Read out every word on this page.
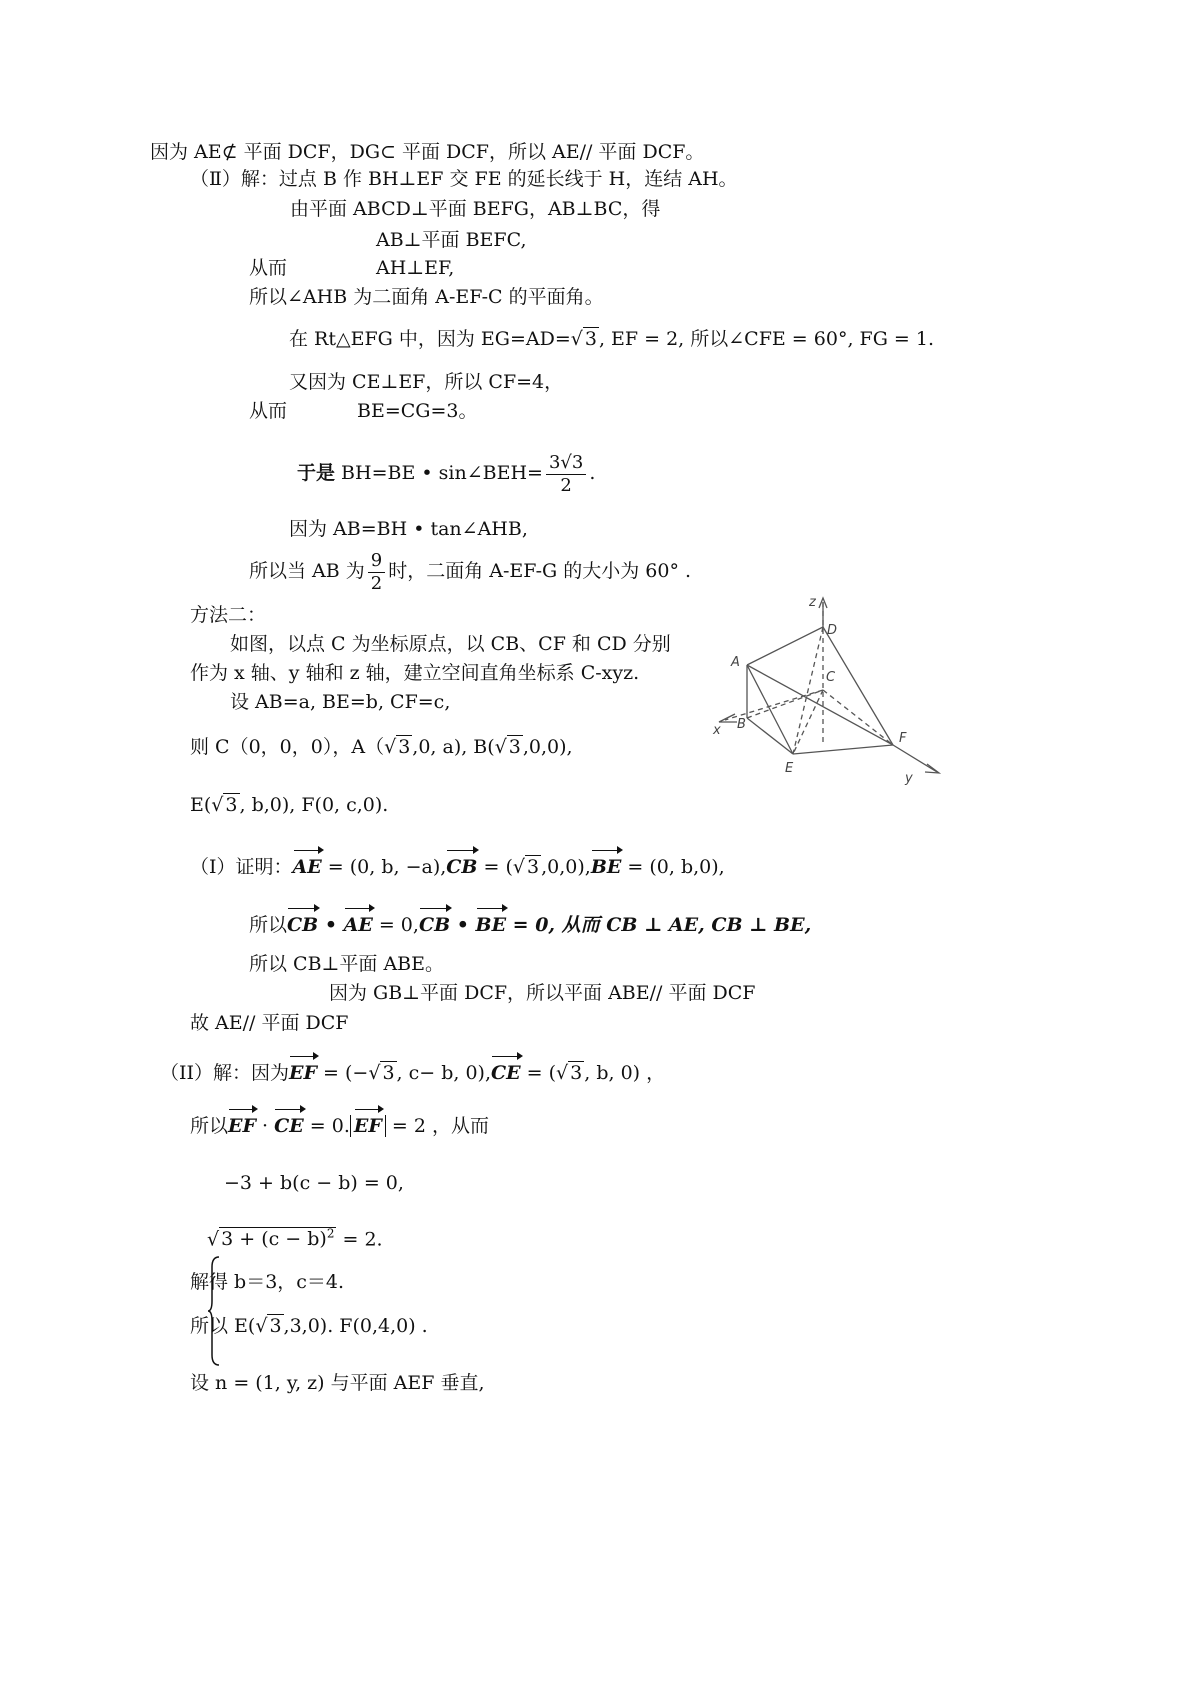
因为 AE⊄ 平面 DCF，DG⊂ 平面 DCF，所以 AE// 平面 DCF。
（Ⅱ）解：过点 B 作 BH⊥EF 交 FE 的延长线于 H，连结 AH。
由平面 ABCD⊥平面 BEFG，AB⊥BC，得
AB⊥平面 BEFC,
从而	AH⊥EF,
所以∠AHB 为二面角 A-EF-C 的平面角。
在 Rt△EFG 中，因为 EG=AD=√ 3 , EF = 2, 所以∠CFE = 60°, FG = 1.
又因为 CE⊥EF，所以 CF=4，
从而	BE=CG=3。
于是 BH=BE • sin∠BEH= $\frac{3√3}{2}$ .
因为 AB=BH • tan∠AHB,
所以当 AB 为 $\frac{9}{2}$ 时，二面角 A-EF-G 的大小为 60° .
方法二：
如图，以点 C 为坐标原点，以 CB、CF 和 CD 分别
作为 x 轴、y 轴和 z 轴，建立空间直角坐标系 C-xyz.
设 AB=a, BE=b, CF=c,
则 C（0，0，0），A（√ 3 ,0, a), B(√ 3 ,0,0),
E(√ 3 , b,0), F(0, c,0).
（Ⅰ）证明：AE = (0, b, −a),CB = (√ 3 ,0,0),BE = (0, b,0),
所以CB • AE = 0,CB • BE = 0, 从而 CB ⊥ AE, CB ⊥ BE,
所以 CB⊥平面 ABE。
因为 GB⊥平面 DCF，所以平面 ABE// 平面 DCF
故 AE// 平面 DCF
（II）解：因为EF = (−√ 3 , c− b, 0),CE = (√ 3 , b, 0) ，
所以EF · CE = 0. EF = 2 ，从而
−3 + b(c − b) = 0,
√ $3 + (c - b)^2 = 2$.
解得 b＝3，c＝4.
所以 E(√ 3 ,3,0). F(0,4,0) .
设 n = (1, y, z) 与平面 AEF 垂直,
z
D
A
C
x B
F
E
y
